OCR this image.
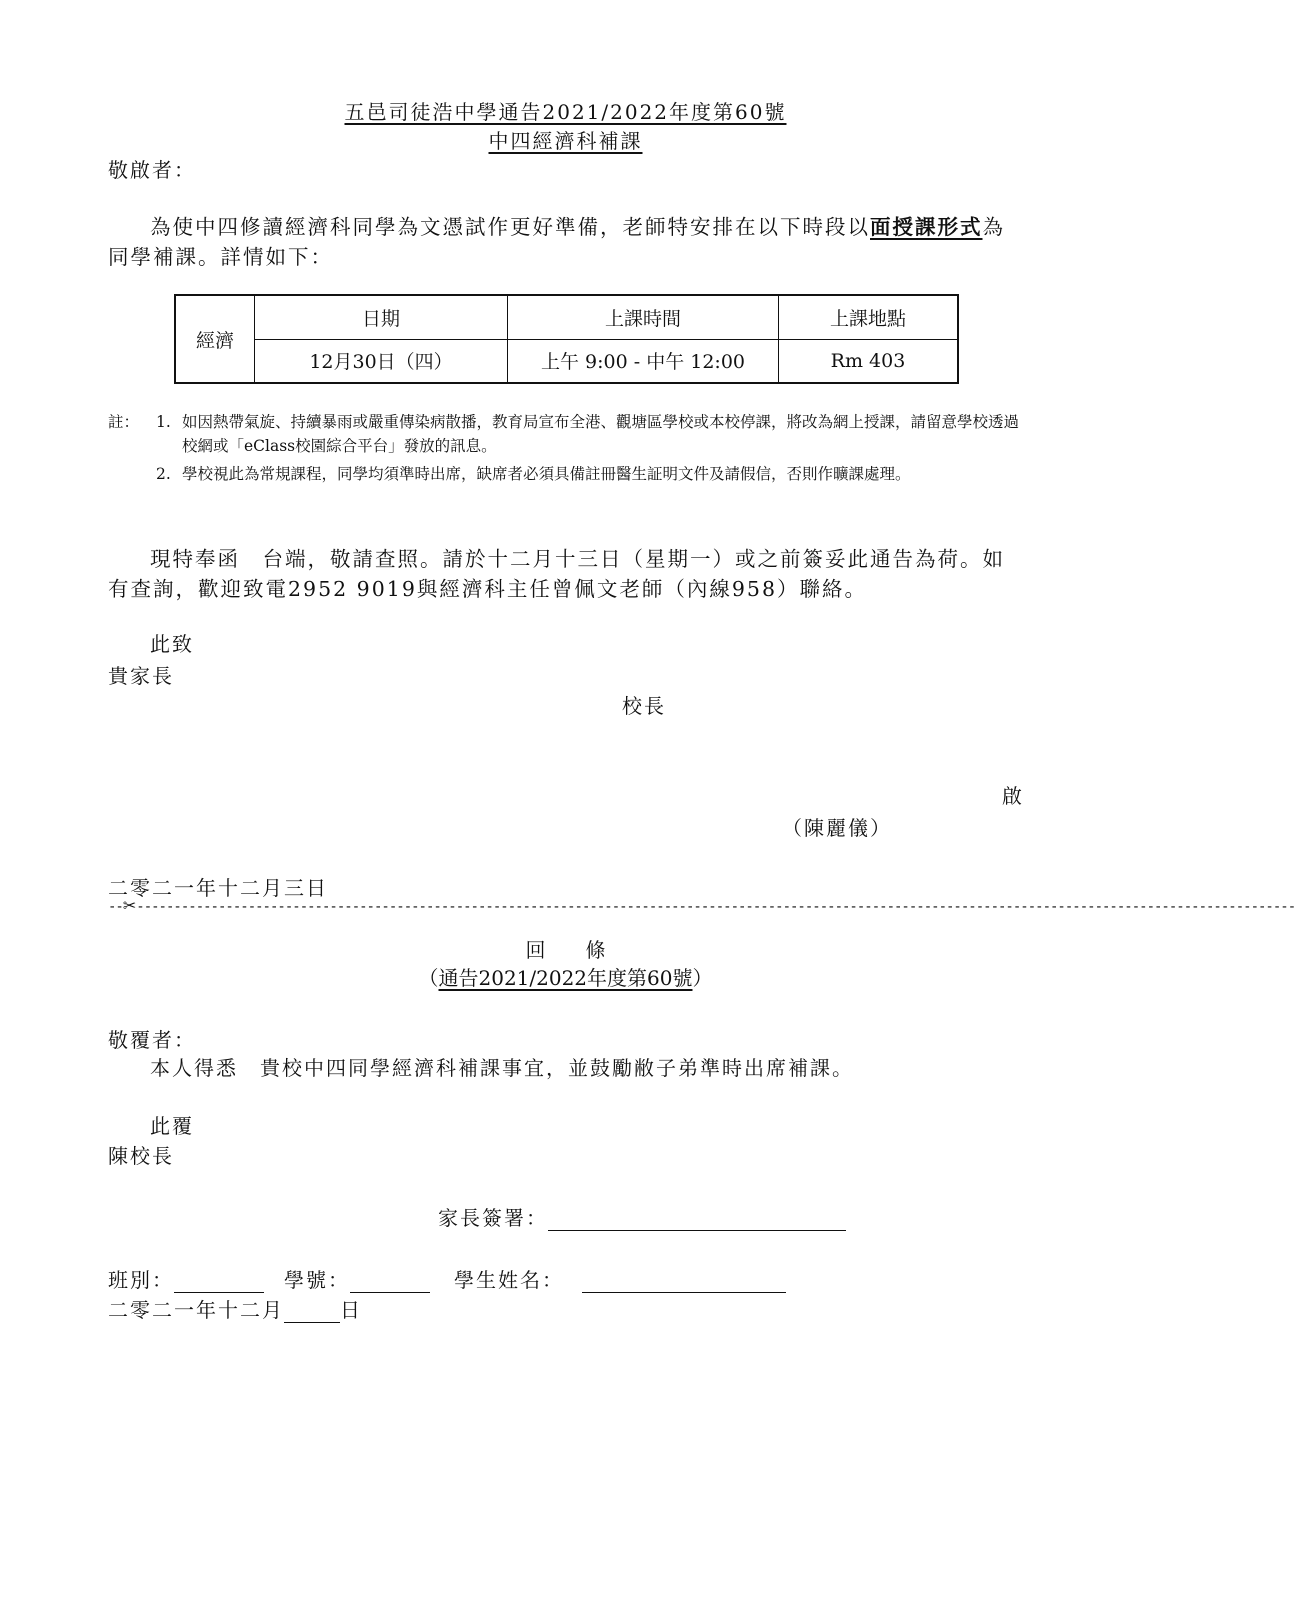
五邑司徒浩中學通告2021/2022年度第60號
中四經濟科補課
敬啟者：
為使中四修讀經濟科同學為文憑試作更好準備，老師特安排在以下時段以面授課形式為
同學補課。詳情如下：
經濟	日期	上課時間	上課地點
	12月30日（四）	上午 9:00 - 中午 12:00	Rm 403
註：	1. 如因熱帶氣旋、持續暴雨或嚴重傳染病散播，教育局宣布全港、觀塘區學校或本校停課，將改為網上授課，請留意學校透過校網或「eClass校園綜合平台」發放的訊息。
2. 學校視此為常規課程，同學均須準時出席，缺席者必須具備註冊醫生証明文件及請假信，否則作曠課處理。
現特奉函　台端，敬請查照。請於十二月十三日（星期一）或之前簽妥此通告為荷。如
有查詢，歡迎致電2952 9019與經濟科主任曾佩文老師（內線958）聯絡。
此致
貴家長
校長
啟
（陳麗儀）
二零二一年十二月三日
--✂------------------------------------------------------------------------------------------------------------------------------------------------------------
回　　條
（通告2021/2022年度第60號）
敬覆者：
本人得悉　貴校中四同學經濟科補課事宜，並鼓勵敝子弟準時出席補課。
此覆
陳校長
家長簽署：
班別：	學號：	學生姓名：
二零二一年十二月	日
